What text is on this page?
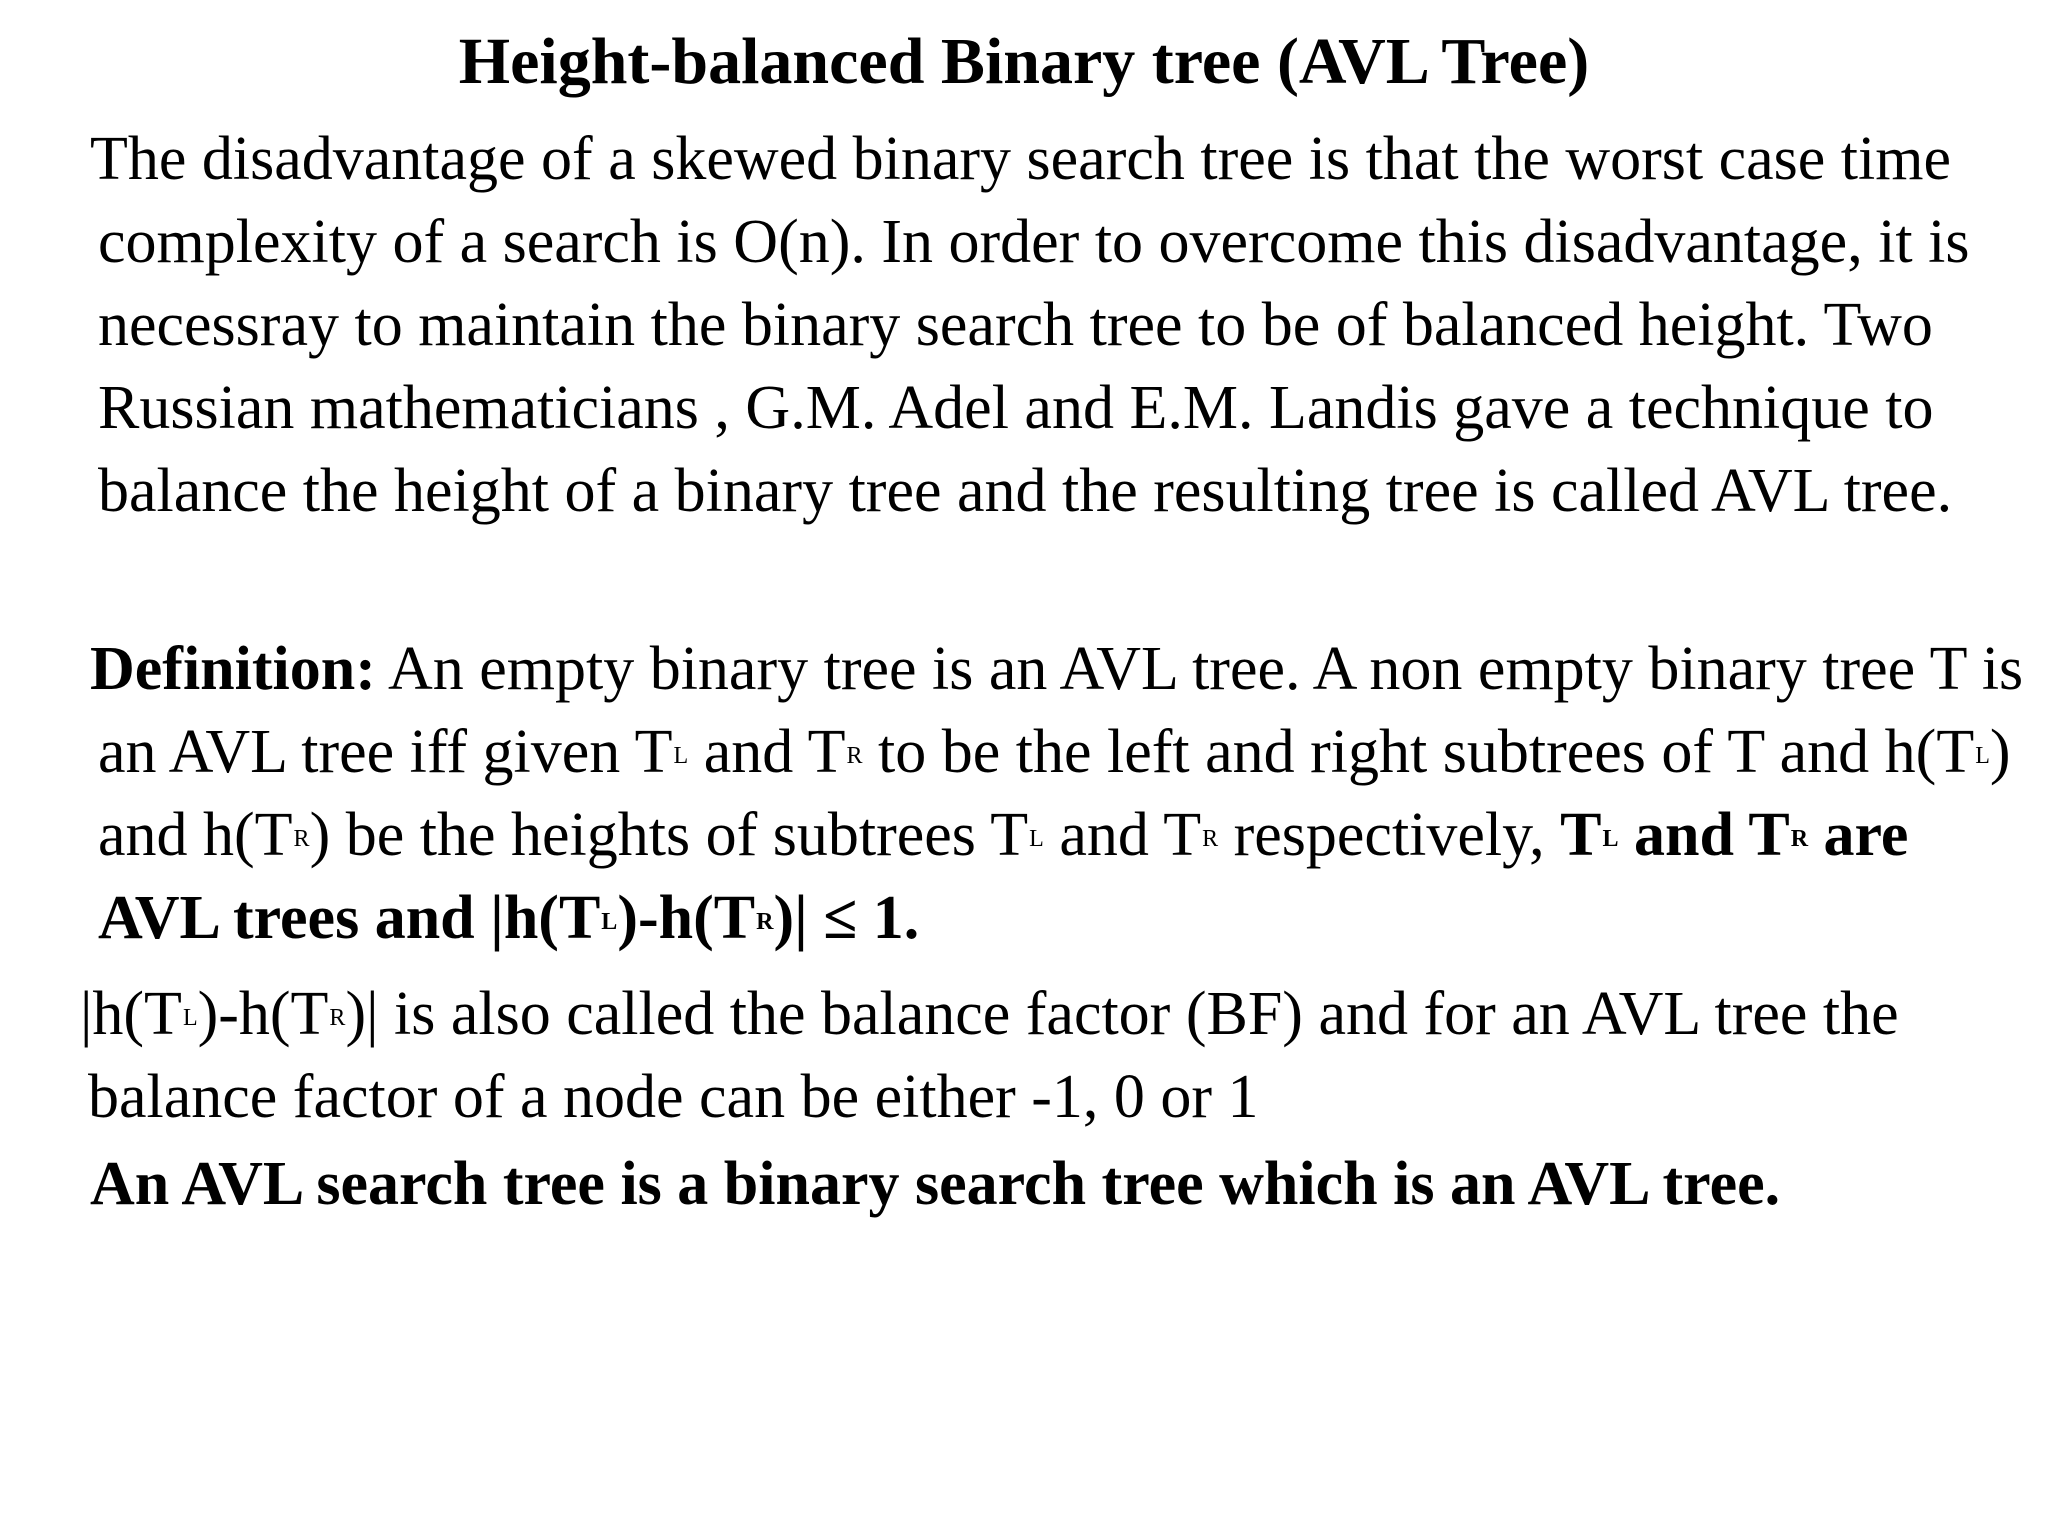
Height-balanced Binary tree (AVL Tree)

The disadvantage of a skewed binary search tree is that the worst case time complexity of a search is O(n). In order to overcome this disadvantage, it is necessray to maintain the binary search tree to be of balanced height. Two Russian mathematicians , G.M. Adel and E.M. Landis gave a technique to balance the height of a binary tree and the resulting tree is called AVL tree.

Definition: An empty binary tree is an AVL tree. A non empty binary tree T is an AVL tree iff given $T^L$ and $T^R$ to be the left and right subtrees of T and $h(T^L)$ and $h(T^R)$ be the heights of subtrees $T^L$ and $T^R$ respectively, $T^L$ and $T^R$ are AVL trees and $|h(T^L)-h(T^R)| \le 1$.

$|h(T^L)-h(T^R)|$ is also called the balance factor (BF) and for an AVL tree the balance factor of a node can be either -1, 0 or 1

An AVL search tree is a binary search tree which is an AVL tree.
